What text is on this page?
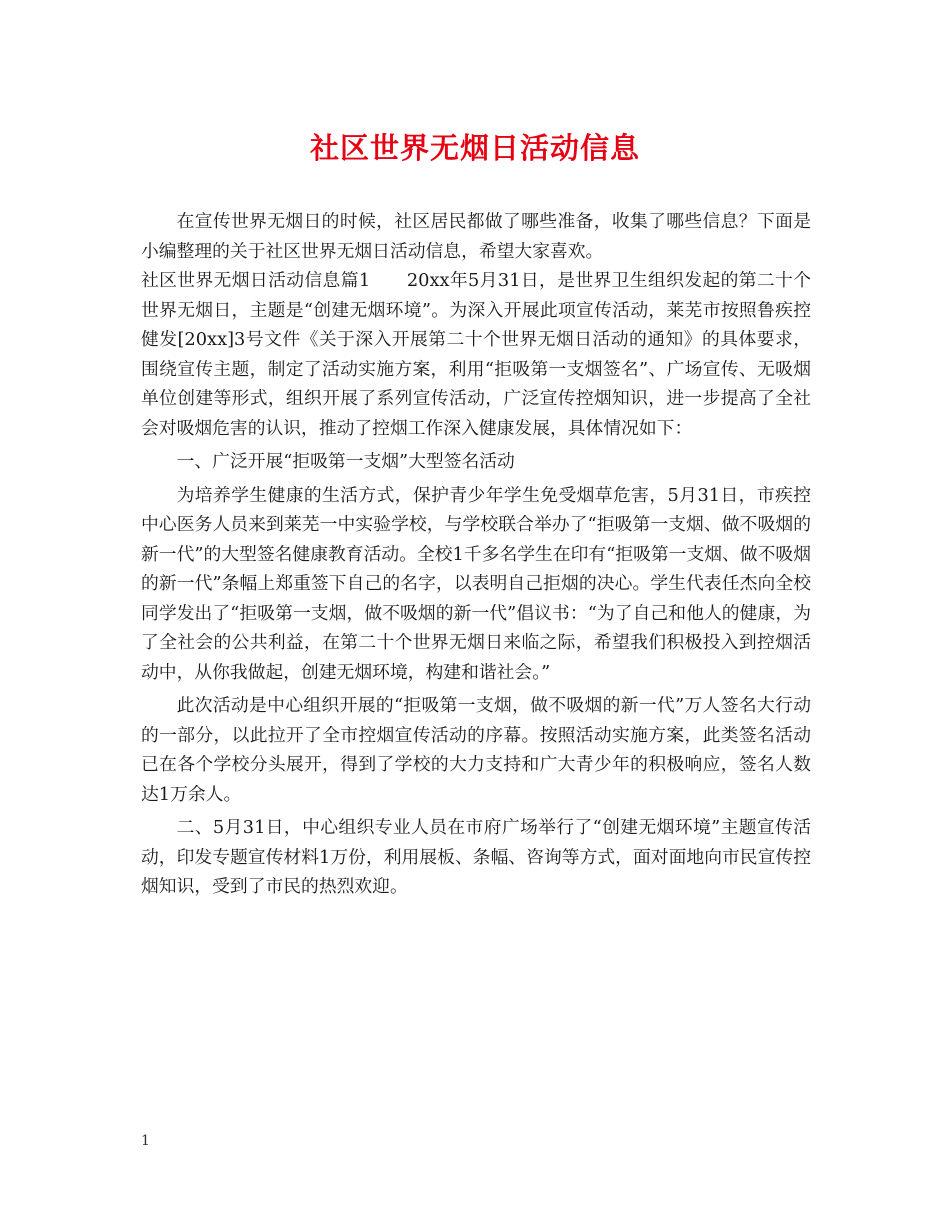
社区世界无烟日活动信息

在宣传世界无烟日的时候，社区居民都做了哪些准备，收集了哪些信息？下面是小编整理的关于社区世界无烟日活动信息，希望大家喜欢。

社区世界无烟日活动信息篇1　　20xx年5月31日，是世界卫生组织发起的第二十个世界无烟日，主题是“创建无烟环境”。为深入开展此项宣传活动，莱芜市按照鲁疾控健发[20xx]3号文件《关于深入开展第二十个世界无烟日活动的通知》的具体要求，围绕宣传主题，制定了活动实施方案，利用“拒吸第一支烟签名”、广场宣传、无吸烟单位创建等形式，组织开展了系列宣传活动，广泛宣传控烟知识，进一步提高了全社会对吸烟危害的认识，推动了控烟工作深入健康发展，具体情况如下：

一、广泛开展“拒吸第一支烟”大型签名活动

为培养学生健康的生活方式，保护青少年学生免受烟草危害，5月31日，市疾控中心医务人员来到莱芜一中实验学校，与学校联合举办了“拒吸第一支烟、做不吸烟的新一代”的大型签名健康教育活动。全校1千多名学生在印有“拒吸第一支烟、做不吸烟的新一代”条幅上郑重签下自己的名字，以表明自己拒烟的决心。学生代表任杰向全校同学发出了“拒吸第一支烟，做不吸烟的新一代”倡议书：“为了自己和他人的健康，为了全社会的公共利益，在第二十个世界无烟日来临之际，希望我们积极投入到控烟活动中，从你我做起，创建无烟环境，构建和谐社会。”

此次活动是中心组织开展的“拒吸第一支烟，做不吸烟的新一代”万人签名大行动的一部分，以此拉开了全市控烟宣传活动的序幕。按照活动实施方案，此类签名活动已在各个学校分头展开，得到了学校的大力支持和广大青少年的积极响应，签名人数达1万余人。

二、5月31日，中心组织专业人员在市府广场举行了“创建无烟环境”主题宣传活动，印发专题宣传材料1万份，利用展板、条幅、咨询等方式，面对面地向市民宣传控烟知识，受到了市民的热烈欢迎。

1
